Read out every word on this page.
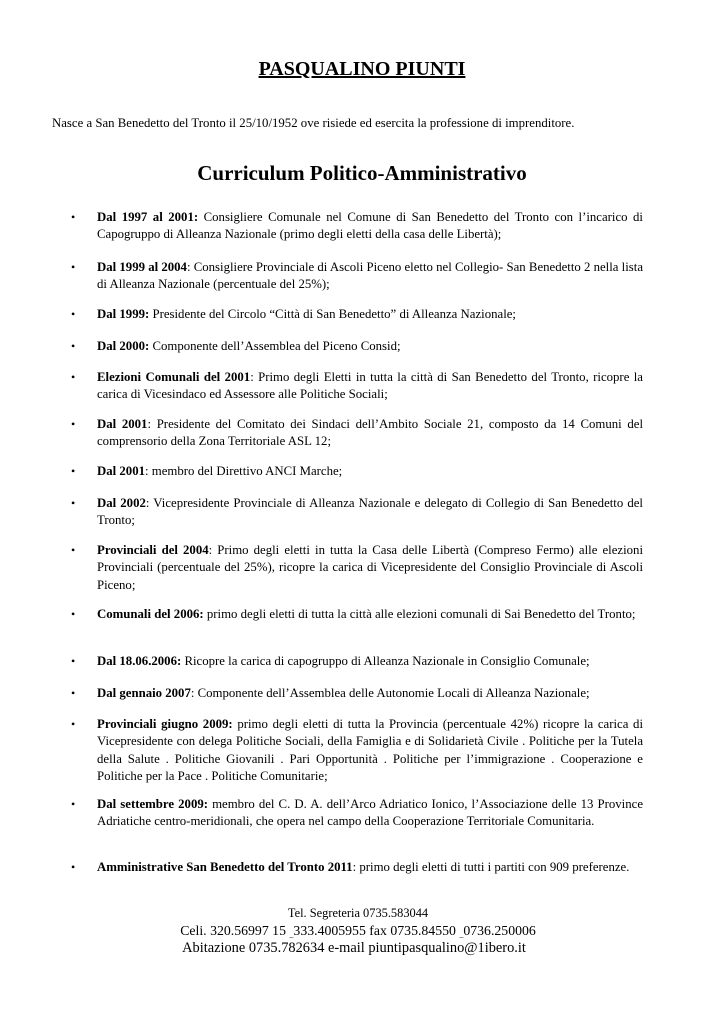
PASQUALINO PIUNTI
Nasce a San Benedetto del Tronto il 25/10/1952 ove risiede ed esercita la professione di imprenditore.
Curriculum Politico-Amministrativo
• Dal 1997 al 2001: Consigliere Comunale nel Comune di San Benedetto del Tronto con l’incarico di Capogruppo di Alleanza Nazionale (primo degli eletti della casa delle Libertà);
• Dal 1999 al 2004: Consigliere Provinciale di Ascoli Piceno eletto nel Collegio- San Benedetto 2 nella lista di Alleanza Nazionale (percentuale del 25%);
• Dal 1999: Presidente del Circolo “Città di San Benedetto” di Alleanza Nazionale;
• Dal 2000: Componente dell’Assemblea del Piceno Consid;
• Elezioni Comunali del 2001: Primo degli Eletti in tutta la città di San Benedetto del Tronto, ricopre la carica di Vicesindaco ed Assessore alle Politiche Sociali;
• Dal 2001: Presidente del Comitato dei Sindaci dell’Ambito Sociale 21, composto da 14 Comuni del comprensorio della Zona Territoriale ASL 12;
• Dal 2001: membro del Direttivo ANCI Marche;
• Dal 2002: Vicepresidente Provinciale di Alleanza Nazionale e delegato di Collegio di San Benedetto del Tronto;
• Provinciali del 2004: Primo degli eletti in tutta la Casa delle Libertà (Compreso Fermo) alle elezioni Provinciali (percentuale del 25%), ricopre la carica di Vicepresidente del Consiglio Provinciale di Ascoli Piceno;
• Comunali del 2006: primo degli eletti di tutta la città alle elezioni comunali di Sai Benedetto del Tronto;
• Dal 18.06.2006: Ricopre la carica di capogruppo di Alleanza Nazionale in Consiglio Comunale;
• Dal gennaio 2007: Componente dell’Assemblea delle Autonomie Locali di Alleanza Nazionale;
• Provinciali giugno 2009: primo degli eletti di tutta la Provincia (percentuale 42%) ricopre la carica di Vicepresidente con delega Politiche Sociali, della Famiglia e di Solidarietà Civile . Politiche per la Tutela della Salute . Politiche Giovanili . Pari Opportunità . Politiche per l’immigrazione . Cooperazione e Politiche per la Pace . Politiche Comunitarie;
• Dal settembre 2009: membro del C. D. A. dell’Arco Adriatico Ionico, l’Associazione delle 13 Province Adriatiche centro-meridionali, che opera nel campo della Cooperazione Territoriale Comunitaria.
• Amministrative San Benedetto del Tronto 2011: primo degli eletti di tutti i partiti con 909 preferenze.
Tel. Segreteria 0735.583044
Celi. 320.56997 15 $_{\_}$333.4005955 fax 0735.84550 $_{\_}$0736.250006
Abitazione 0735.782634 e-mail piuntipasqualino@1ibero.it
